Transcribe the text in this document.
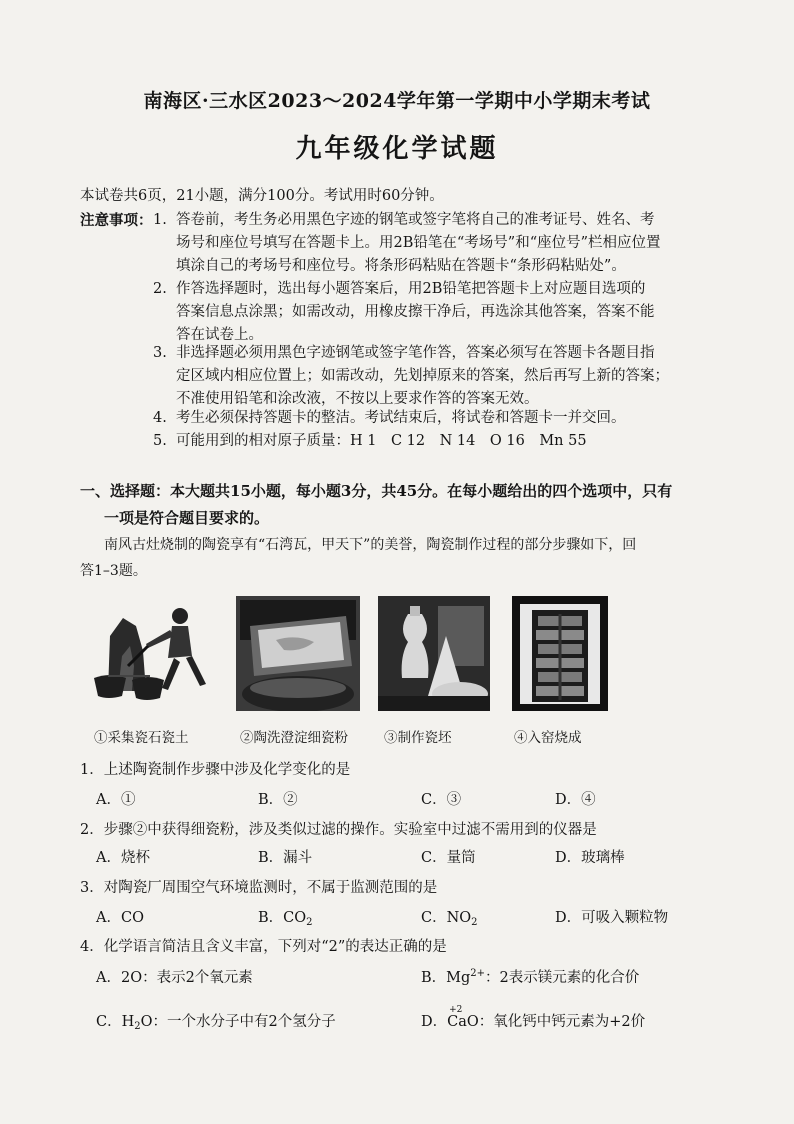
南海区·三水区2023～2024学年第一学期中小学期末考试
九年级化学试题
本试卷共6页，21小题，满分100分。考试用时60分钟。
注意事项： 1. 答卷前，考生务必用黑色字迹的钢笔或签字笔将自己的准考证号、姓名、考
场号和座位号填写在答题卡上。用2B铅笔在“考场号”和“座位号”栏相应位置
填涂自己的考场号和座位号。将条形码粘贴在答题卡“条形码粘贴处”。
2. 作答选择题时，选出每小题答案后，用2B铅笔把答题卡上对应题目选项的
答案信息点涂黑；如需改动，用橡皮擦干净后，再选涂其他答案，答案不能
答在试卷上。
3. 非选择题必须用黑色字迹钢笔或签字笔作答，答案必须写在答题卡各题目指
定区域内相应位置上；如需改动，先划掉原来的答案，然后再写上新的答案；
不准使用铅笔和涂改液，不按以上要求作答的答案无效。
4. 考生必须保持答题卡的整洁。考试结束后，将试卷和答题卡一并交回。
5. 可能用到的相对原子质量：H 1　C 12　N 14　O 16　Mn 55
一、选择题：本大题共15小题，每小题3分，共45分。在每小题给出的四个选项中，只有
一项是符合题目要求的。
南风古灶烧制的陶瓷享有“石湾瓦，甲天下”的美誉，陶瓷制作过程的部分步骤如下，回
答1–3题。
①采集瓷石瓷土	②陶洗澄淀细瓷粉	③制作瓷坯	④入窑烧成
1．上述陶瓷制作步骤中涉及化学变化的是
A．①	B．②	C．③	D．④
2．步骤②中获得细瓷粉，涉及类似过滤的操作。实验室中过滤不需用到的仪器是
A．烧杯	B．漏斗	C．量筒	D．玻璃棒
3．对陶瓷厂周围空气环境监测时，不属于监测范围的是
A．CO	B．$CO_2$	C．$NO_2$	D．可吸入颗粒物
4．化学语言简洁且含义丰富，下列对“2”的表达正确的是
A．2O：表示2个氧元素	B．$Mg^{2+}$：2表示镁元素的化合价
C．$H_2O$：一个水分子中有2个氢分子	D．
+2
CaO：氧化钙中钙元素为+2价
